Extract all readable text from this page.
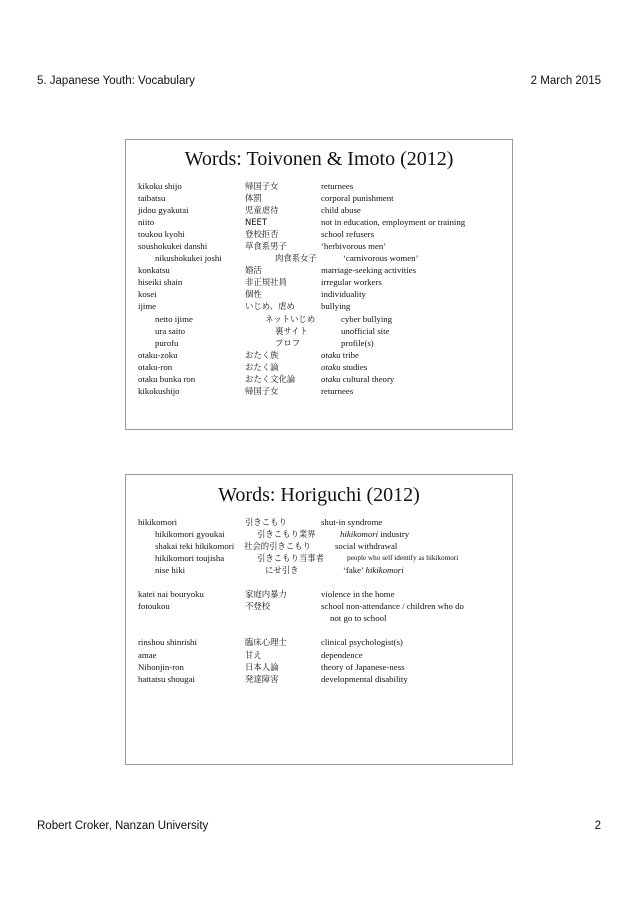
5. Japanese Youth: Vocabulary	2 March 2015
Words: Toivonen & Imoto (2012)
kikoku shijo	帰国子女	returnees
taibatsu	体罰	corporal punishment
jidou gyakutai	児童虐待	child abuse
niito	NEET	not in education, employment or training
toukou kyohi	登校拒否	school refusers
soushokukei danshi	草食系男子	‘herbivorous men’
nikushokukei joshi	肉食系女子	‘carnivorous women’
konkatsu	婚活	marriage-seeking activities
hiseiki shain	非正規社員	irregular workers
kosei	個性	individuality
ijime	いじめ、虐め	bullying
netto ijime	ネットいじめ	cyber bullying
ura saito	裏サイト	unofficial site
purofu	プロフ	profile(s)
otaku-zoku	おたく族	otaku tribe
otaku-ron	おたく論	otaku studies
otaku bunka ron	おたく文化論	otaku cultural theory
kikokushijo	帰国子女	returnees
Words: Horiguchi (2012)
hikikomori	引きこもり	shut-in syndrome
hikikomori gyoukai	引きこもり業界	hikikomori industry
shakai teki hikikomori 社会的引きこもり	social withdrawal
hikikomori toujisha	引きこもり当事者	people who self identify as hikikomori
nise hiki	にせ引き	‘fake’ hikikomori
katei nai bouryoku	家庭内暴力	violence in the home
fotoukou	不登校	school non-attendance / children who do
not go to school
rinshou shinrishi	臨床心理士	clinical psychologist(s)
amae	甘え	dependence
Nihonjin-ron	日本人論	theory of Japanese-ness
hattatsu shougai	発達障害	developmental disability
Robert Croker, Nanzan University	2
